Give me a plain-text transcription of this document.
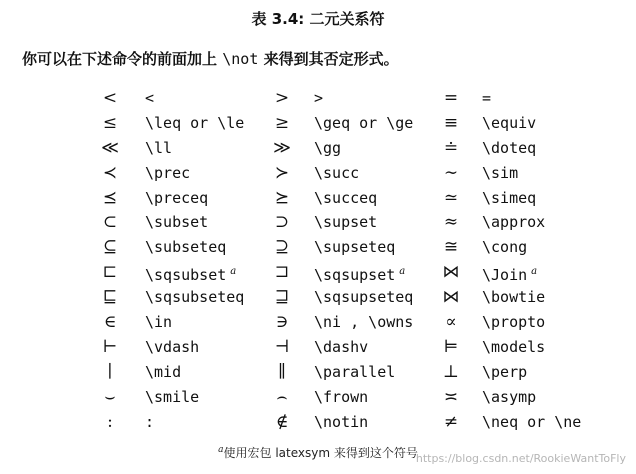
表 3.4: 二元关系符
你可以在下述命令的前面加上 \not 来得到其否定形式。
<	<	>	>	=	=
≤	\leq or \le	≥	\geq or \ge	≡	\equiv
≪	\ll	≫	\gg	≐	\doteq
≺	\prec	≻	\succ	∼	\sim
⪯	\preceq	⪰	\succeq	≃	\simeq
⊂	\subset	⊃	\supset	≈	\approx
⊆	\subseteq	⊇	\supseteq	≅	\cong
⊏	\sqsubset $^a$	⊐	\sqsupset $^a$	⋈	\Join $^a$
⊑	\sqsubseteq	⊒	\sqsupseteq	⋈	\bowtie
∈	\in	∋	\ni , \owns	∝	\propto
⊢	\vdash	⊣	\dashv	⊨	\models
∣	\mid	∥	\parallel	⊥	\perp
⌣	\smile	⌢	\frown	≍	\asymp
:	:	∉	\notin	≠	\neq or \ne
$^a$使用宏包 latexsym 来得到这个符号
https://blog.csdn.net/RookieWantToFly
